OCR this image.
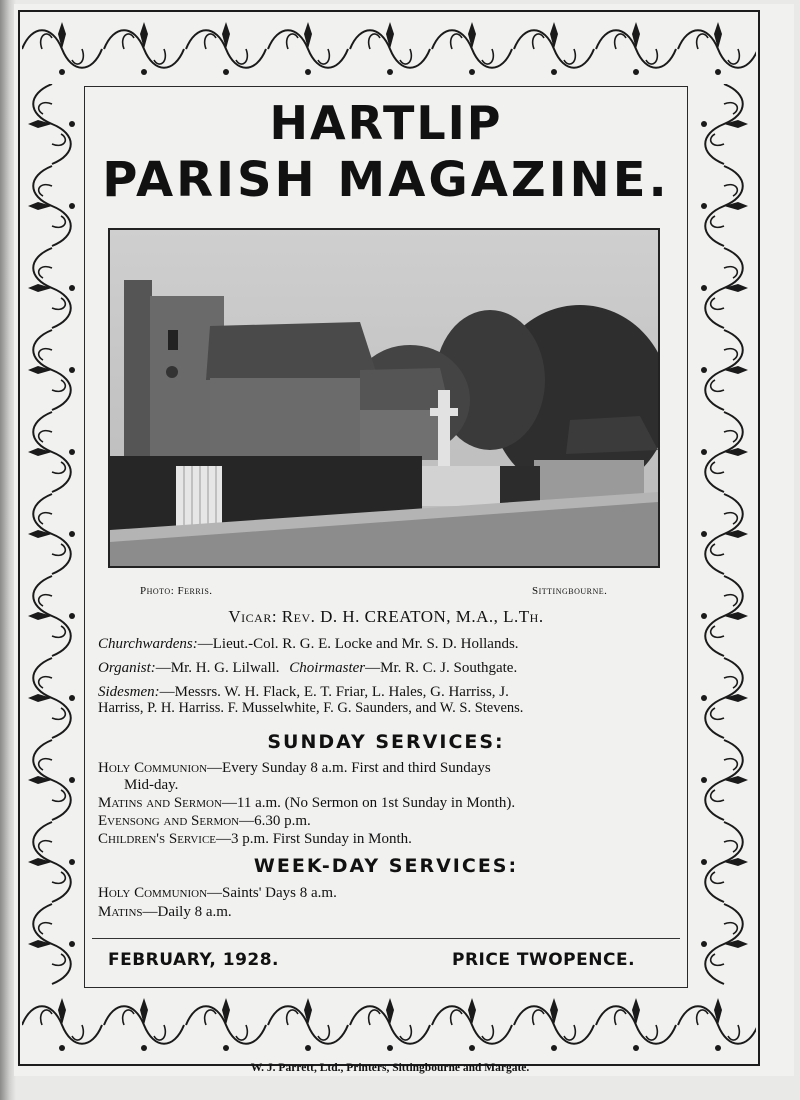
HARTLIP
PARISH MAGAZINE.
Photo: Ferris.	Sittingbourne.
Vicar: Rev. D. H. CREATON, M.A., L.Th.
Churchwardens:—Lieut.-Col. R. G. E. Locke and Mr. S. D. Hollands.
Organist:—Mr. H. G. Lilwall. Choirmaster—Mr. R. C. J. Southgate.
Sidesmen:—Messrs. W. H. Flack, E. T. Friar, L. Hales, G. Harriss, J.
Harriss, P. H. Harriss. F. Musselwhite, F. G. Saunders, and W. S. Stevens.
SUNDAY SERVICES:
Holy Communion—Every Sunday 8 a.m. First and third Sundays
Mid-day.
Matins and Sermon—11 a.m. (No Sermon on 1st Sunday in Month).
Evensong and Sermon—6.30 p.m.
Children's Service—3 p.m. First Sunday in Month.
WEEK-DAY SERVICES:
Holy Communion—Saints' Days 8 a.m.
Matins—Daily 8 a.m.
FEBRUARY, 1928.	PRICE TWOPENCE.
W. J. Parrett, Ltd., Printers, Sittingbourne and Margate.
